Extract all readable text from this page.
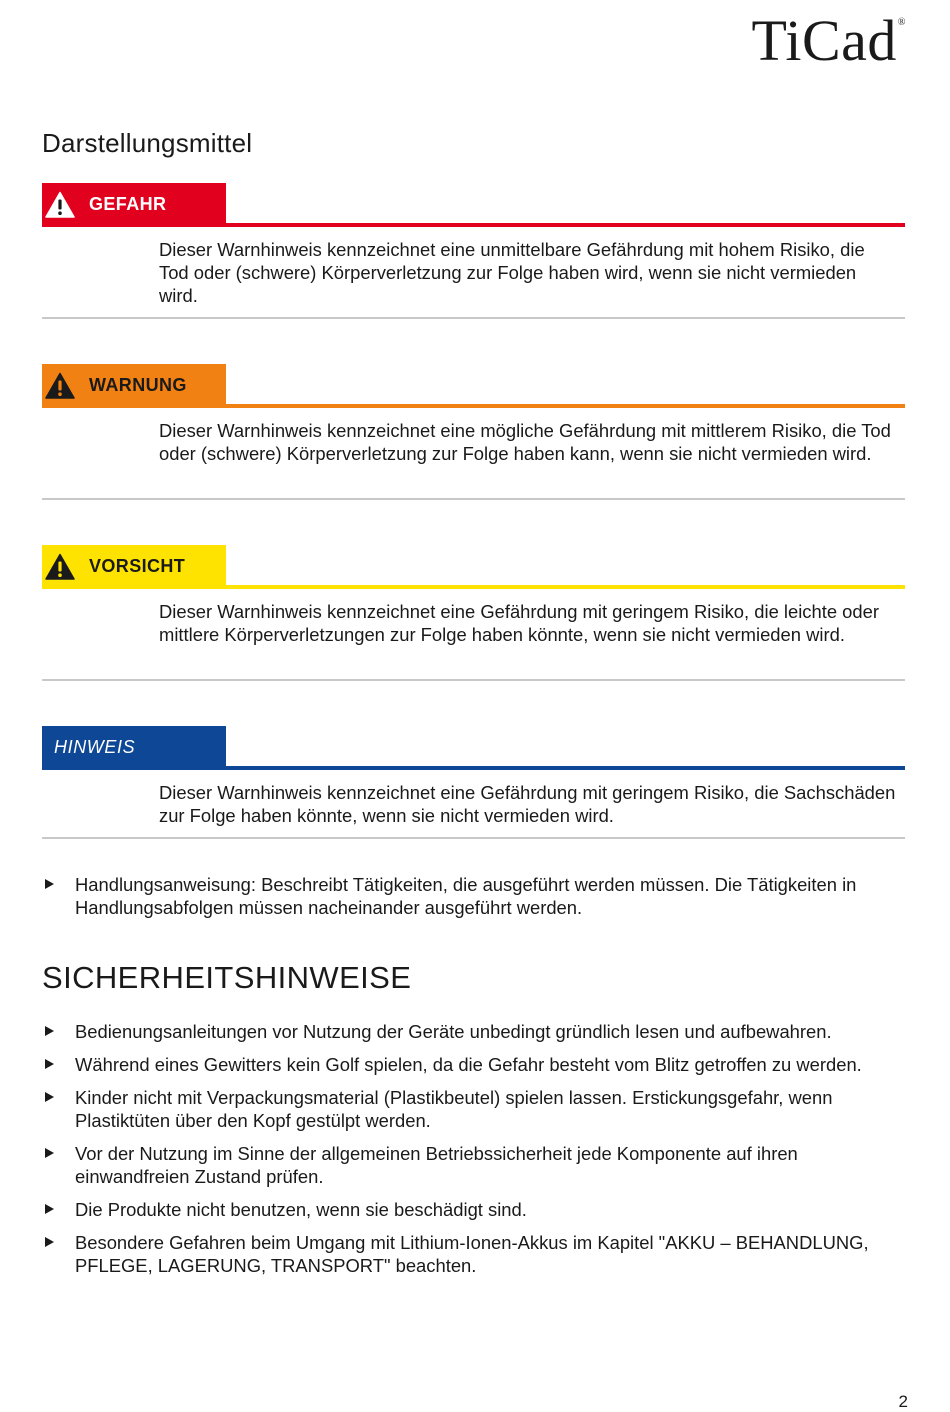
TiCad®
Darstellungsmittel
GEFAHR
Dieser Warnhinweis kennzeichnet eine unmittelbare Gefährdung mit hohem Risiko, die Tod oder (schwere) Körperverletzung zur Folge haben wird, wenn sie nicht vermieden wird.
WARNUNG
Dieser Warnhinweis kennzeichnet eine mögliche Gefährdung mit mittlerem Risiko, die Tod oder (schwere) Körperverletzung zur Folge haben kann, wenn sie nicht vermieden wird.
VORSICHT
Dieser Warnhinweis kennzeichnet eine Gefährdung mit geringem Risiko, die leichte oder mittlere Körperverletzungen zur Folge haben könnte, wenn sie nicht vermieden wird.
HINWEIS
Dieser Warnhinweis kennzeichnet eine Gefährdung mit geringem Risiko, die Sachschäden zur Folge haben könnte, wenn sie nicht vermieden wird.
Handlungsanweisung: Beschreibt Tätigkeiten, die ausgeführt werden müssen. Die Tätigkeiten in Handlungsabfolgen müssen nacheinander ausgeführt werden.
SICHERHEITSHINWEISE
Bedienungsanleitungen vor Nutzung der Geräte unbedingt gründlich lesen und aufbewahren.
Während eines Gewitters kein Golf spielen, da die Gefahr besteht vom Blitz getroffen zu werden.
Kinder nicht mit Verpackungsmaterial (Plastikbeutel) spielen lassen. Erstickungsgefahr, wenn Plastiktüten über den Kopf gestülpt werden.
Vor der Nutzung im Sinne der allgemeinen Betriebssicherheit jede Komponente auf ihren einwandfreien Zustand prüfen.
Die Produkte nicht benutzen, wenn sie beschädigt sind.
Besondere Gefahren beim Umgang mit Lithium-Ionen-Akkus im Kapitel "AKKU – BEHANDLUNG, PFLEGE, LAGERUNG, TRANSPORT" beachten.
2
